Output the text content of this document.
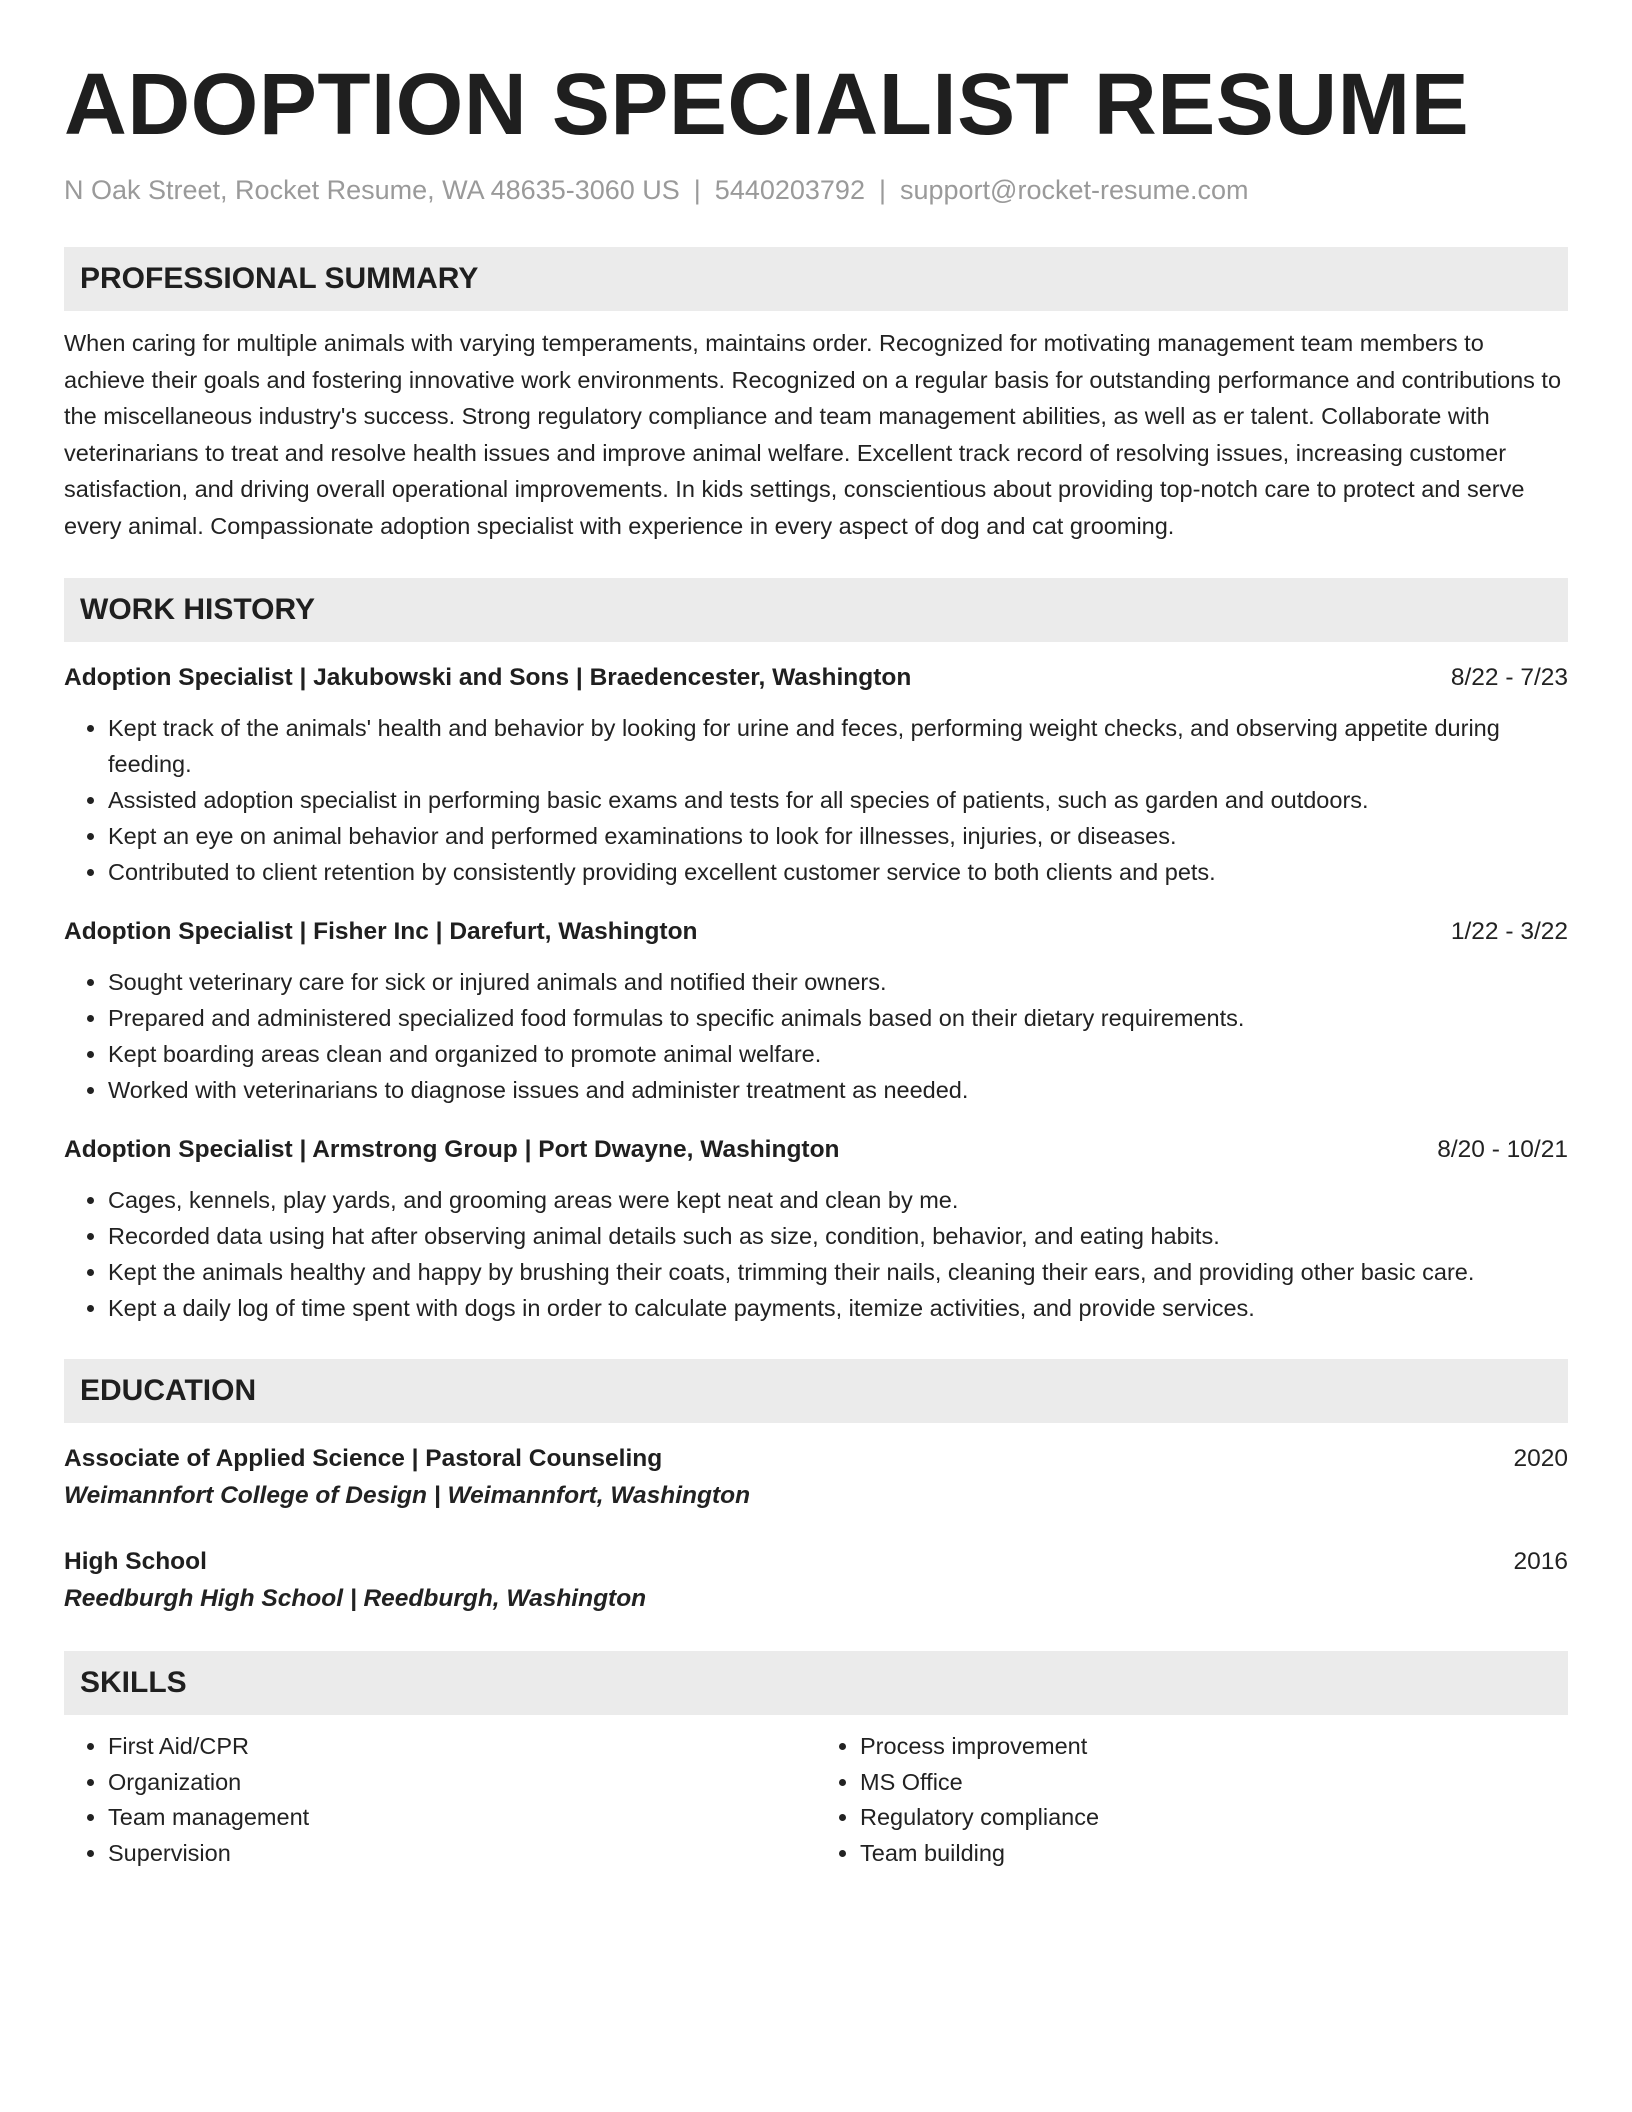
ADOPTION SPECIALIST RESUME
N Oak Street, Rocket Resume, WA 48635-3060 US | 5440203792 | support@rocket-resume.com
PROFESSIONAL SUMMARY
When caring for multiple animals with varying temperaments, maintains order. Recognized for motivating management team members to achieve their goals and fostering innovative work environments. Recognized on a regular basis for outstanding performance and contributions to the miscellaneous industry's success. Strong regulatory compliance and team management abilities, as well as er talent. Collaborate with veterinarians to treat and resolve health issues and improve animal welfare. Excellent track record of resolving issues, increasing customer satisfaction, and driving overall operational improvements. In kids settings, conscientious about providing top-notch care to protect and serve every animal. Compassionate adoption specialist with experience in every aspect of dog and cat grooming.
WORK HISTORY
Adoption Specialist | Jakubowski and Sons | Braedencester, Washington	8/22 - 7/23
• Kept track of the animals' health and behavior by looking for urine and feces, performing weight checks, and observing appetite during feeding.
• Assisted adoption specialist in performing basic exams and tests for all species of patients, such as garden and outdoors.
• Kept an eye on animal behavior and performed examinations to look for illnesses, injuries, or diseases.
• Contributed to client retention by consistently providing excellent customer service to both clients and pets.
Adoption Specialist | Fisher Inc | Darefurt, Washington	1/22 - 3/22
• Sought veterinary care for sick or injured animals and notified their owners.
• Prepared and administered specialized food formulas to specific animals based on their dietary requirements.
• Kept boarding areas clean and organized to promote animal welfare.
• Worked with veterinarians to diagnose issues and administer treatment as needed.
Adoption Specialist | Armstrong Group | Port Dwayne, Washington	8/20 - 10/21
• Cages, kennels, play yards, and grooming areas were kept neat and clean by me.
• Recorded data using hat after observing animal details such as size, condition, behavior, and eating habits.
• Kept the animals healthy and happy by brushing their coats, trimming their nails, cleaning their ears, and providing other basic care.
• Kept a daily log of time spent with dogs in order to calculate payments, itemize activities, and provide services.
EDUCATION
Associate of Applied Science | Pastoral Counseling	2020
Weimannfort College of Design | Weimannfort, Washington
High School	2016
Reedburgh High School | Reedburgh, Washington
SKILLS
• First Aid/CPR
• Organization
• Team management
• Supervision
• Process improvement
• MS Office
• Regulatory compliance
• Team building
